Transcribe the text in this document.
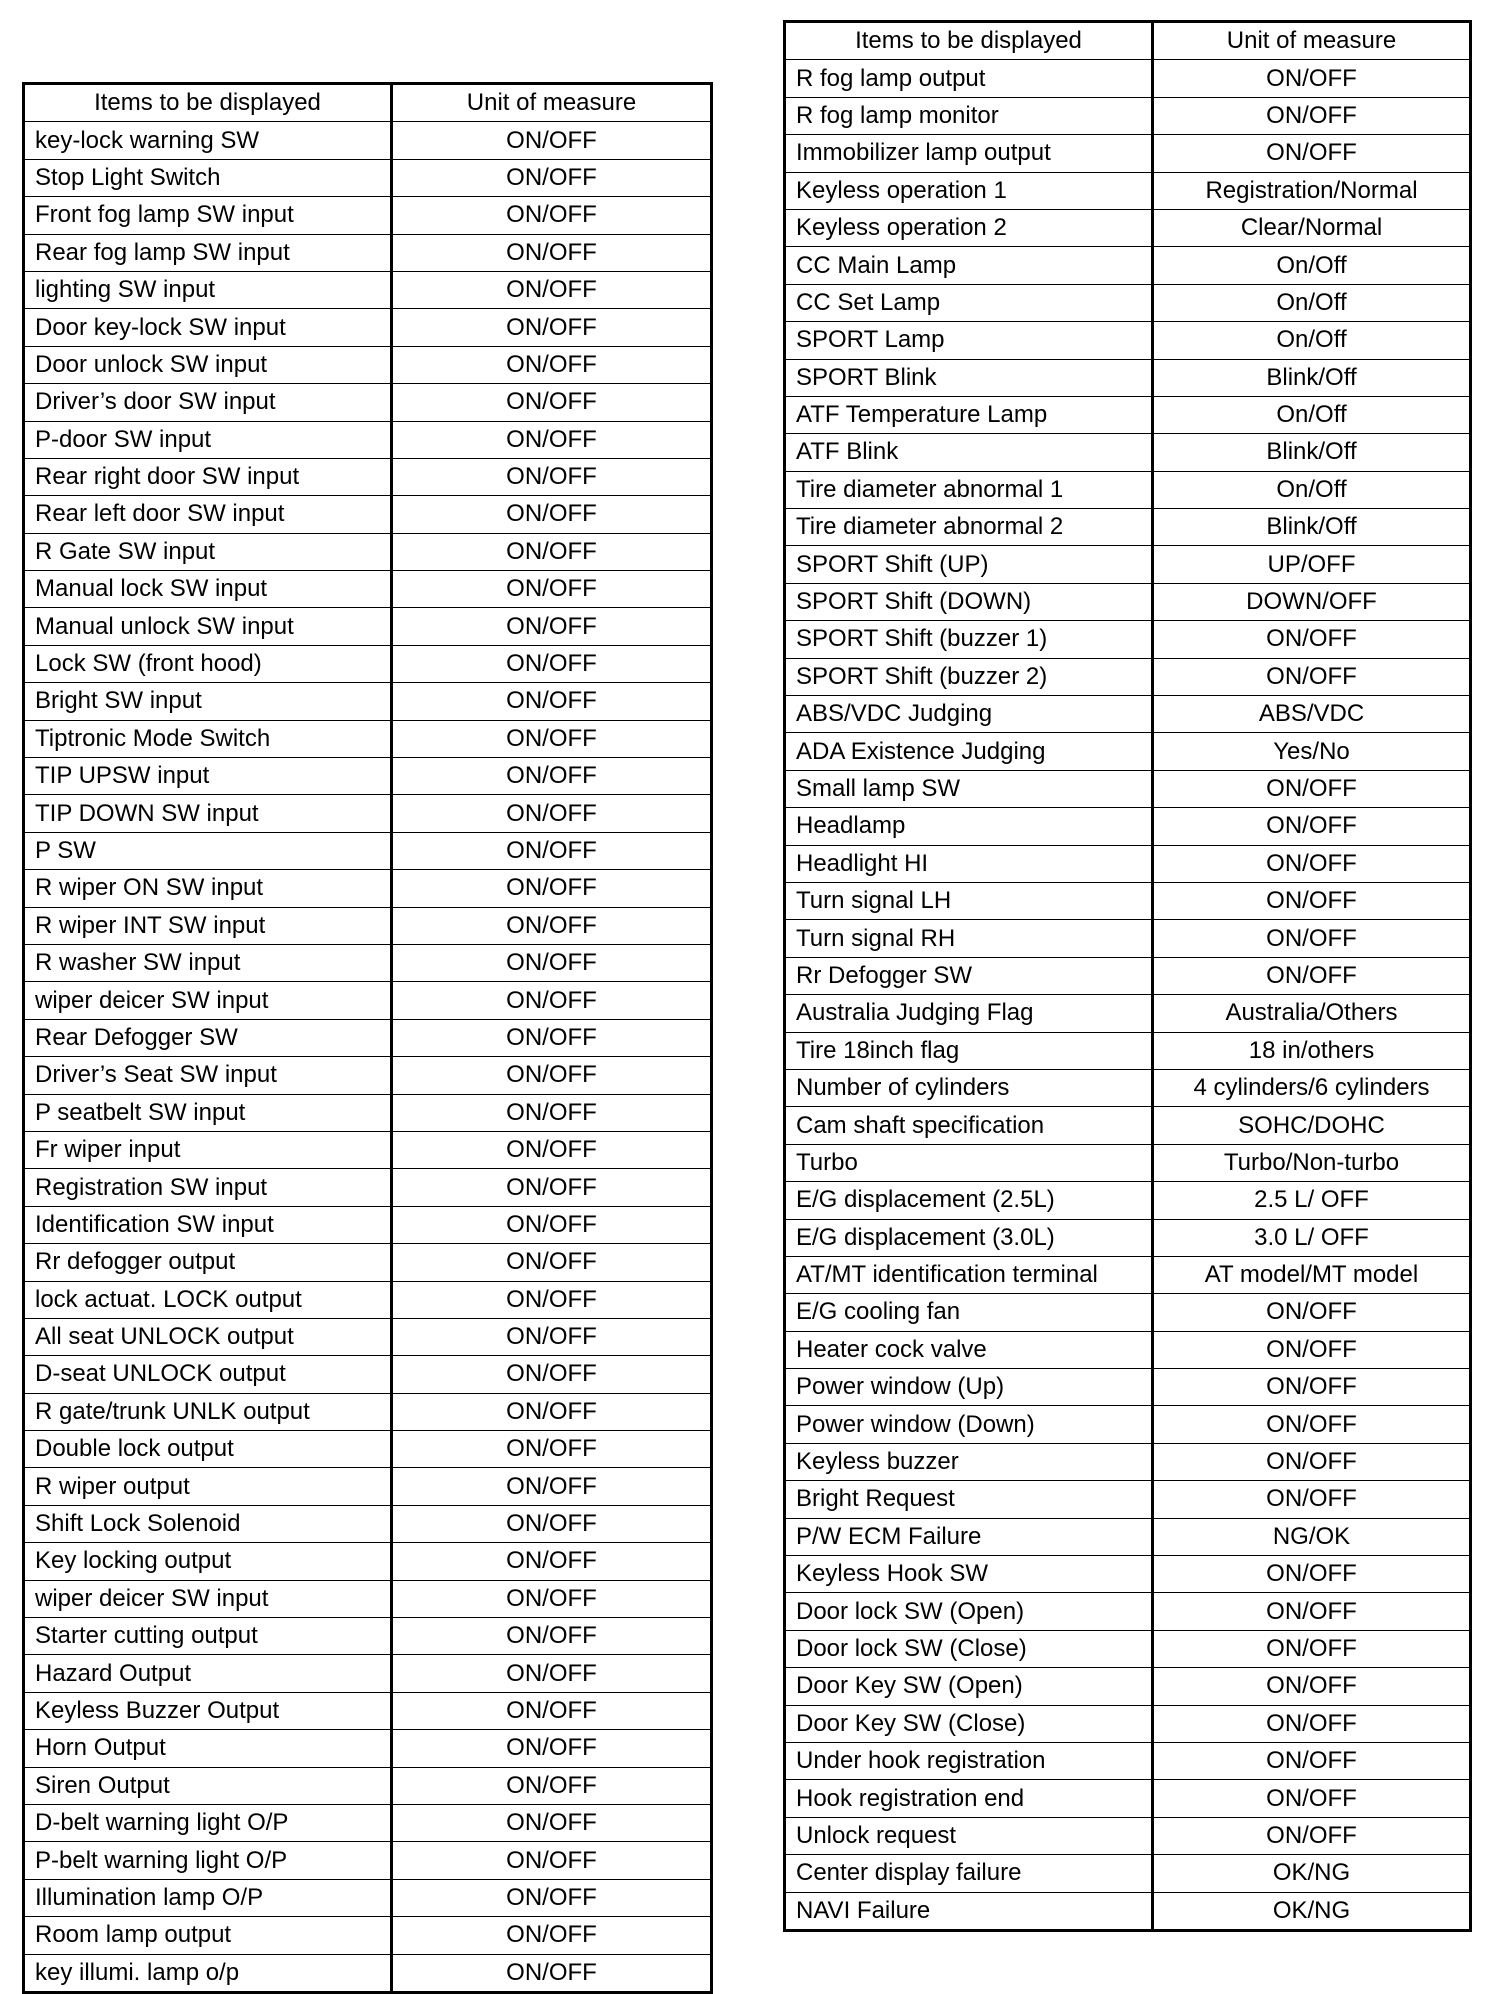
Items to be displayed	Unit of measure
key-lock warning SW	ON/OFF
Stop Light Switch	ON/OFF
Front fog lamp SW input	ON/OFF
Rear fog lamp SW input	ON/OFF
lighting SW input	ON/OFF
Door key-lock SW input	ON/OFF
Door unlock SW input	ON/OFF
Driver’s door SW input	ON/OFF
P-door SW input	ON/OFF
Rear right door SW input	ON/OFF
Rear left door SW input	ON/OFF
R Gate SW input	ON/OFF
Manual lock SW input	ON/OFF
Manual unlock SW input	ON/OFF
Lock SW (front hood)	ON/OFF
Bright SW input	ON/OFF
Tiptronic Mode Switch	ON/OFF
TIP UPSW input	ON/OFF
TIP DOWN SW input	ON/OFF
P SW	ON/OFF
R wiper ON SW input	ON/OFF
R wiper INT SW input	ON/OFF
R washer SW input	ON/OFF
wiper deicer SW input	ON/OFF
Rear Defogger SW	ON/OFF
Driver’s Seat SW input	ON/OFF
P seatbelt SW input	ON/OFF
Fr wiper input	ON/OFF
Registration SW input	ON/OFF
Identification SW input	ON/OFF
Rr defogger output	ON/OFF
lock actuat. LOCK output	ON/OFF
All seat UNLOCK output	ON/OFF
D-seat UNLOCK output	ON/OFF
R gate/trunk UNLK output	ON/OFF
Double lock output	ON/OFF
R wiper output	ON/OFF
Shift Lock Solenoid	ON/OFF
Key locking output	ON/OFF
wiper deicer SW input	ON/OFF
Starter cutting output	ON/OFF
Hazard Output	ON/OFF
Keyless Buzzer Output	ON/OFF
Horn Output	ON/OFF
Siren Output	ON/OFF
D-belt warning light O/P	ON/OFF
P-belt warning light O/P	ON/OFF
Illumination lamp O/P	ON/OFF
Room lamp output	ON/OFF
key illumi. lamp o/p	ON/OFF
Items to be displayed	Unit of measure
R fog lamp output	ON/OFF
R fog lamp monitor	ON/OFF
Immobilizer lamp output	ON/OFF
Keyless operation 1	Registration/Normal
Keyless operation 2	Clear/Normal
CC Main Lamp	On/Off
CC Set Lamp	On/Off
SPORT Lamp	On/Off
SPORT Blink	Blink/Off
ATF Temperature Lamp	On/Off
ATF Blink	Blink/Off
Tire diameter abnormal 1	On/Off
Tire diameter abnormal 2	Blink/Off
SPORT Shift (UP)	UP/OFF
SPORT Shift (DOWN)	DOWN/OFF
SPORT Shift (buzzer 1)	ON/OFF
SPORT Shift (buzzer 2)	ON/OFF
ABS/VDC Judging	ABS/VDC
ADA Existence Judging	Yes/No
Small lamp SW	ON/OFF
Headlamp	ON/OFF
Headlight HI	ON/OFF
Turn signal LH	ON/OFF
Turn signal RH	ON/OFF
Rr Defogger SW	ON/OFF
Australia Judging Flag	Australia/Others
Tire 18inch flag	18 in/others
Number of cylinders	4 cylinders/6 cylinders
Cam shaft specification	SOHC/DOHC
Turbo	Turbo/Non-turbo
E/G displacement (2.5L)	2.5 L/ OFF
E/G displacement (3.0L)	3.0 L/ OFF
AT/MT identification terminal	AT model/MT model
E/G cooling fan	ON/OFF
Heater cock valve	ON/OFF
Power window (Up)	ON/OFF
Power window (Down)	ON/OFF
Keyless buzzer	ON/OFF
Bright Request	ON/OFF
P/W ECM Failure	NG/OK
Keyless Hook SW	ON/OFF
Door lock SW (Open)	ON/OFF
Door lock SW (Close)	ON/OFF
Door Key SW (Open)	ON/OFF
Door Key SW (Close)	ON/OFF
Under hook registration	ON/OFF
Hook registration end	ON/OFF
Unlock request	ON/OFF
Center display failure	OK/NG
NAVI Failure	OK/NG
